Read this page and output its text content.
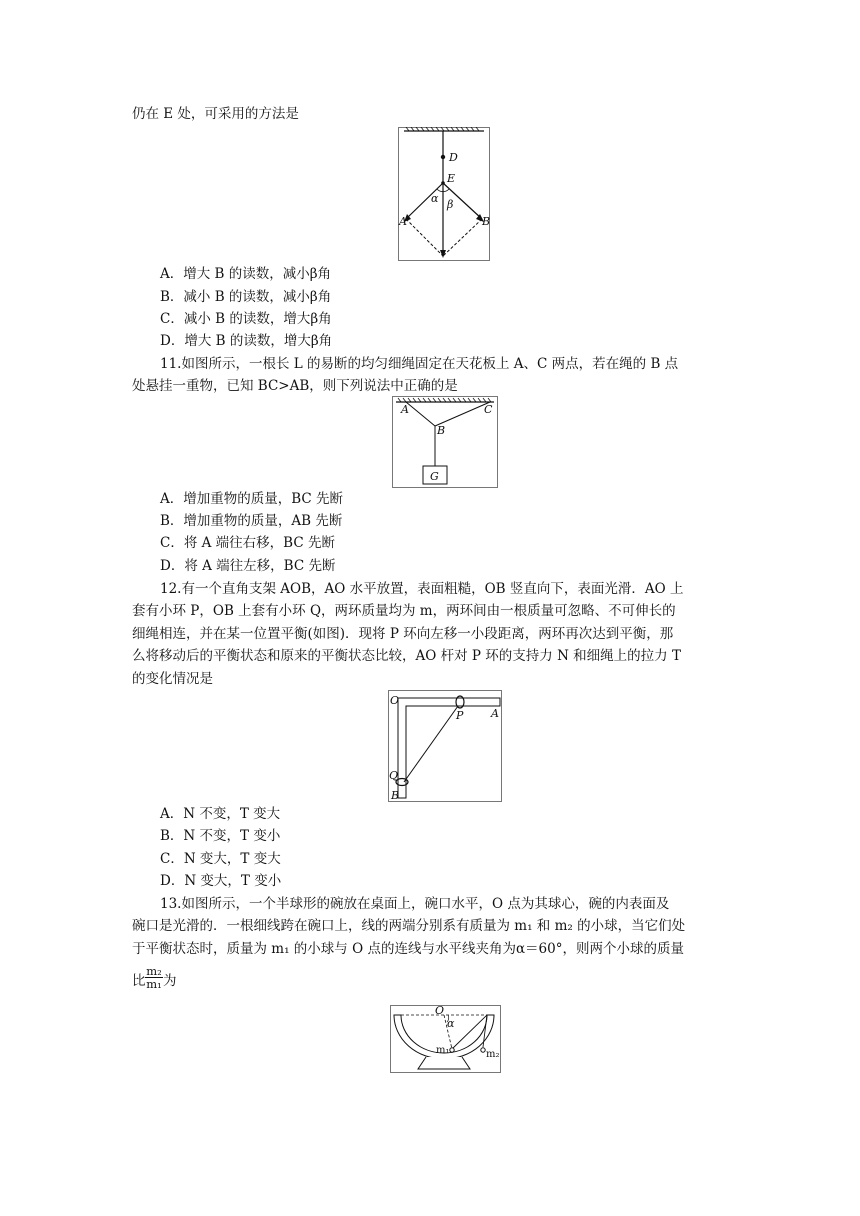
仍在 E 处，可采用的方法是
D
E
A	B
α β
A．增大 B 的读数，减小β角
B．减小 B 的读数，减小β角
C．减小 B 的读数，增大β角
D．增大 B 的读数，增大β角
11.如图所示，一根长 L 的易断的均匀细绳固定在天花板上 A、C 两点，若在绳的 B 点
处悬挂一重物，已知 BC>AB，则下列说法中正确的是
A	C
B
G
A．增加重物的质量，BC 先断
B．增加重物的质量，AB 先断
C．将 A 端往右移，BC 先断
D．将 A 端往左移，BC 先断
12.有一个直角支架 AOB，AO 水平放置，表面粗糙，OB 竖直向下，表面光滑．AO 上
套有小环 P，OB 上套有小环 Q，两环质量均为 m，两环间由一根质量可忽略、不可伸长的
细绳相连，并在某一位置平衡(如图)．现将 P 环向左移一小段距离，两环再次达到平衡，那
么将移动后的平衡状态和原来的平衡状态比较，AO 杆对 P 环的支持力 N 和细绳上的拉力 T
的变化情况是
O
P	A
Q
B
A．N 不变，T 变大
B．N 不变，T 变小
C．N 变大，T 变大
D．N 变大，T 变小
13.如图所示，一个半球形的碗放在桌面上，碗口水平，O 点为其球心，碗的内表面及
碗口是光滑的．一根细线跨在碗口上，线的两端分别系有质量为 m₁ 和 m₂ 的小球，当它们处
于平衡状态时，质量为 m₁ 的小球与 O 点的连线与水平线夹角为α＝60°，则两个小球的质量
比 $\frac{\text{m₂}}{\text{m₁}}$ 为
O
α
m₁	m₂
